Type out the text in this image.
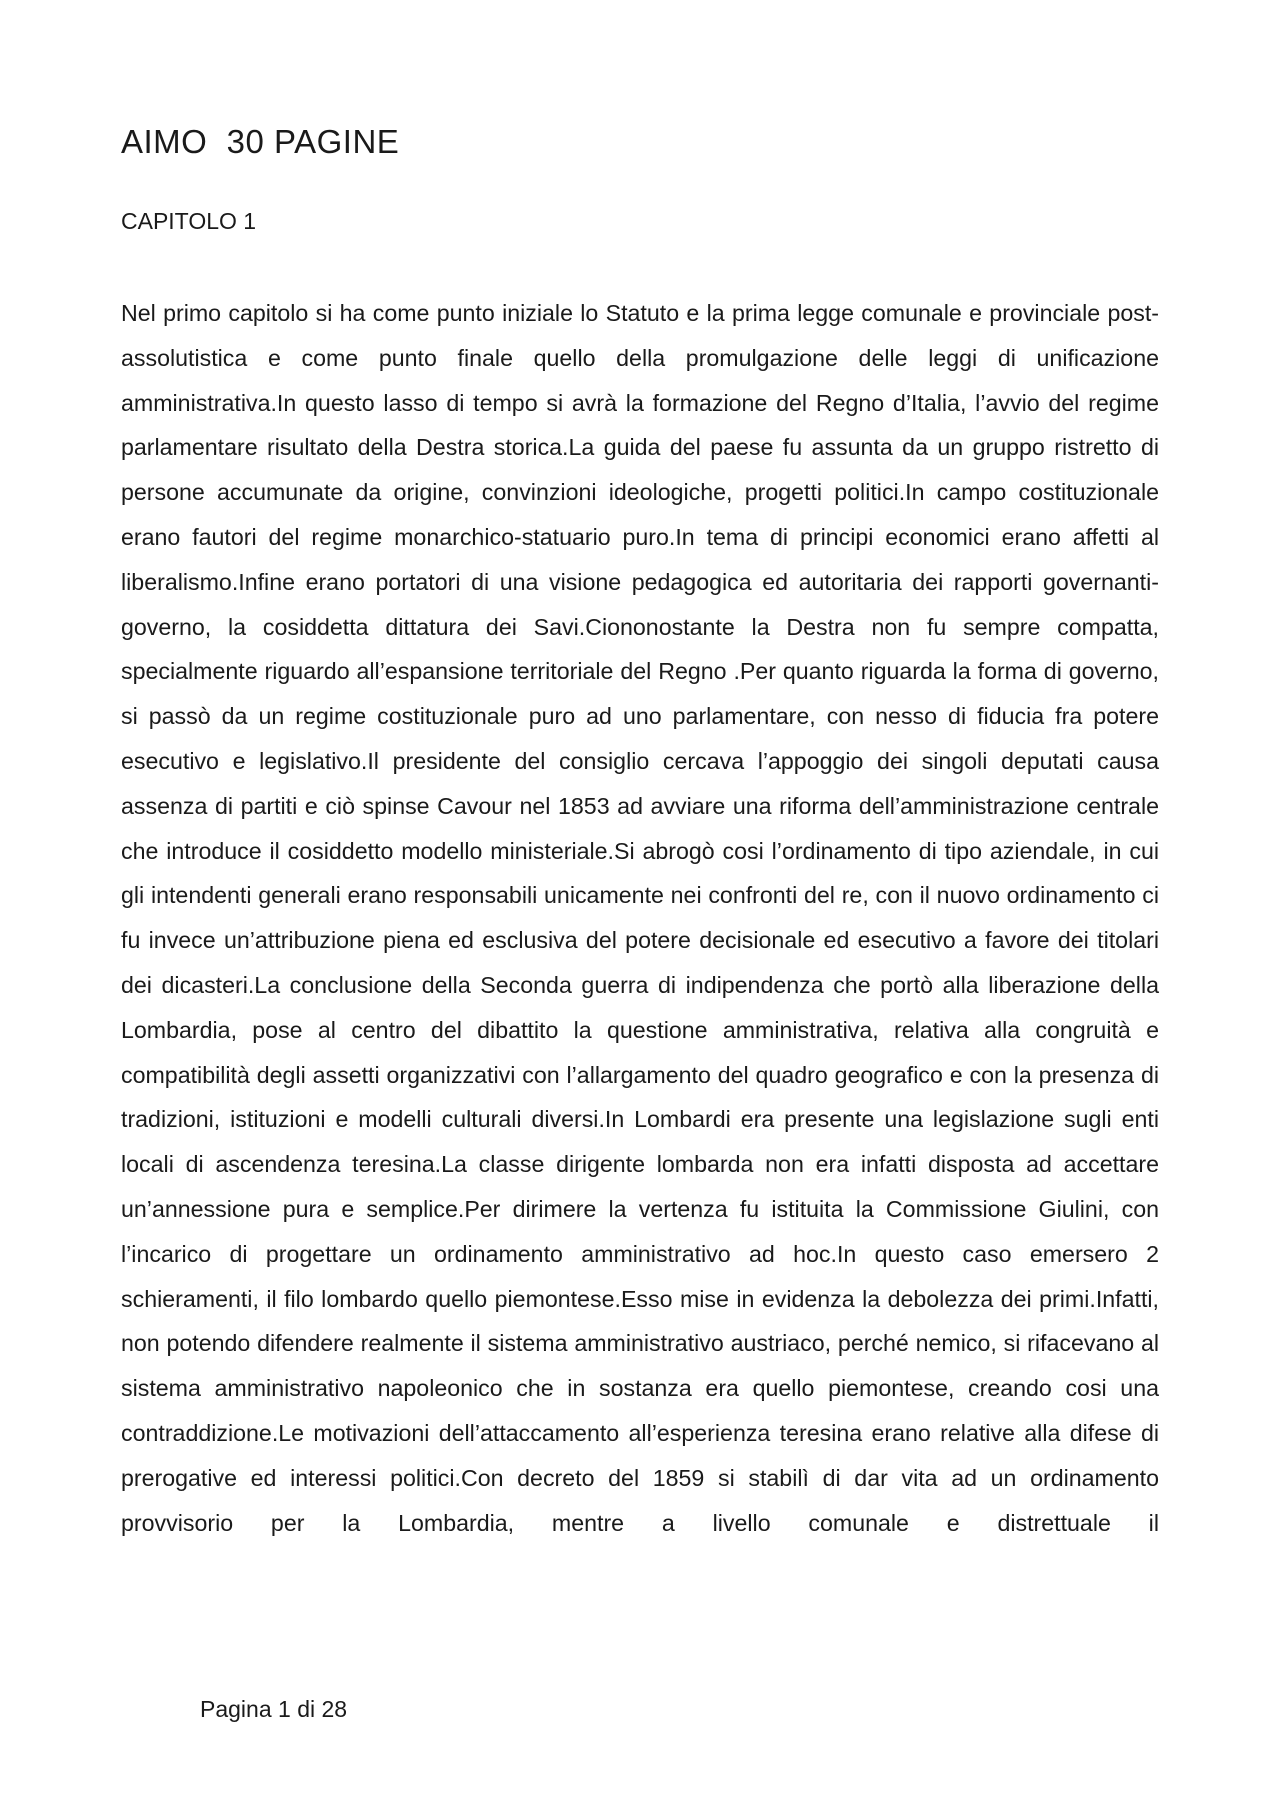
AIMO  30 PAGINE
CAPITOLO 1

Nel primo capitolo si ha come punto iniziale lo Statuto e la prima legge comunale e provinciale post-assolutistica e come punto finale quello della promulgazione delle leggi di unificazione amministrativa.In questo lasso di tempo si avrà la formazione del Regno d’Italia, l’avvio del regime parlamentare risultato della Destra storica.La guida del paese fu assunta da un gruppo ristretto di persone accumunate da origine, convinzioni ideologiche, progetti politici.In campo costituzionale erano fautori del regime monarchico-statuario puro.In tema di principi economici erano affetti al liberalismo.Infine erano portatori di una visione pedagogica ed autoritaria dei rapporti governanti-governo, la cosiddetta dittatura dei Savi.Ciononostante la Destra non fu sempre compatta, specialmente riguardo all’espansione territoriale del Regno .Per quanto riguarda la forma di governo, si passò da un regime costituzionale puro ad uno parlamentare, con nesso di fiducia fra potere esecutivo e legislativo.Il presidente del consiglio cercava l’appoggio dei singoli deputati causa assenza di partiti e ciò spinse Cavour nel 1853 ad avviare una riforma dell’amministrazione centrale che introduce il cosiddetto modello ministeriale.Si abrogò cosi l’ordinamento di tipo aziendale, in cui gli intendenti generali erano responsabili unicamente nei confronti del re, con il nuovo ordinamento ci fu invece un’attribuzione piena ed esclusiva del potere decisionale ed esecutivo a favore dei titolari dei dicasteri.La conclusione della Seconda guerra di indipendenza che portò alla liberazione della Lombardia, pose al centro del dibattito la questione amministrativa, relativa alla congruità e compatibilità degli assetti organizzativi con l’allargamento del quadro geografico e con la presenza di tradizioni, istituzioni e modelli culturali diversi.In Lombardi era presente una legislazione sugli enti locali di ascendenza teresina.La classe dirigente lombarda non era infatti disposta ad accettare un’annessione pura e semplice.Per dirimere la vertenza fu istituita la Commissione Giulini, con l’incarico di progettare un ordinamento amministrativo ad hoc.In questo caso emersero 2 schieramenti, il filo lombardo quello piemontese.Esso mise in evidenza la debolezza dei primi.Infatti, non potendo difendere realmente il sistema amministrativo austriaco, perché nemico, si rifacevano al sistema amministrativo napoleonico che in sostanza era quello piemontese, creando cosi una contraddizione.Le motivazioni dell’attaccamento all’esperienza teresina erano relative alla difese di prerogative ed interessi politici.Con decreto del 1859 si stabilì di dar vita ad un ordinamento provvisorio per la Lombardia, mentre a livello comunale e distrettuale il

Pagina 1 di 28
